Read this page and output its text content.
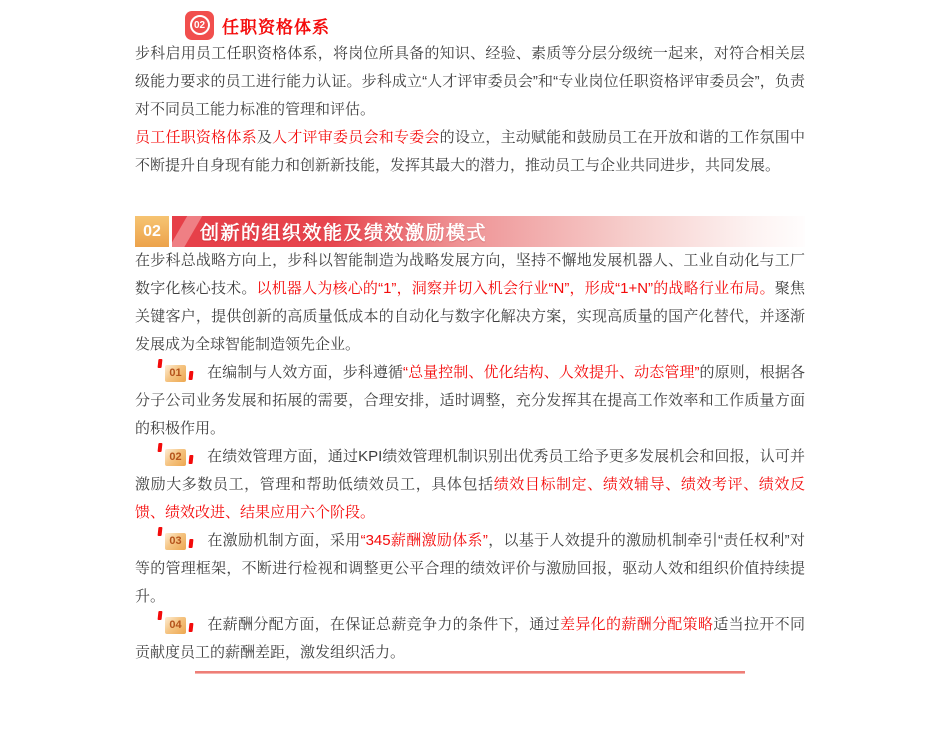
02 任职资格体系

步科启用员工任职资格体系，将岗位所具备的知识、经验、素质等分层分级统一起来，对符合相关层级能力要求的员工进行能力认证。步科成立“人才评审委员会”和“专业岗位任职资格评审委员会”，负责对不同员工能力标准的管理和评估。

员工任职资格体系及人才评审委员会和专委会的设立，主动赋能和鼓励员工在开放和谐的工作氛围中不断提升自身现有能力和创新新技能，发挥其最大的潜力，推动员工与企业共同进步，共同发展。

02	创新的组织效能及绩效激励模式

在步科总战略方向上，步科以智能制造为战略发展方向，坚持不懈地发展机器人、工业自动化与工厂数字化核心技术。以机器人为核心的“1”，洞察并切入机会行业“N”，形成“1+N”的战略行业布局。聚焦关键客户，提供创新的高质量低成本的自动化与数字化解决方案，实现高质量的国产化替代，并逐渐发展成为全球智能制造领先企业。

01 在编制与人效方面，步科遵循“总量控制、优化结构、人效提升、动态管理”的原则，根据各分子公司业务发展和拓展的需要，合理安排，适时调整，充分发挥其在提高工作效率和工作质量方面的积极作用。

02 在绩效管理方面，通过KPI绩效管理机制识别出优秀员工给予更多发展机会和回报，认可并激励大多数员工，管理和帮助低绩效员工，具体包括绩效目标制定、绩效辅导、绩效考评、绩效反馈、绩效改进、结果应用六个阶段。

03 在激励机制方面，采用“345薪酬激励体系”，以基于人效提升的激励机制牵引“责任权利”对等的管理框架，不断进行检视和调整更公平合理的绩效评价与激励回报，驱动人效和组织价值持续提升。

04 在薪酬分配方面，在保证总薪竞争力的条件下，通过差异化的薪酬分配策略适当拉开不同贡献度员工的薪酬差距，激发组织活力。
